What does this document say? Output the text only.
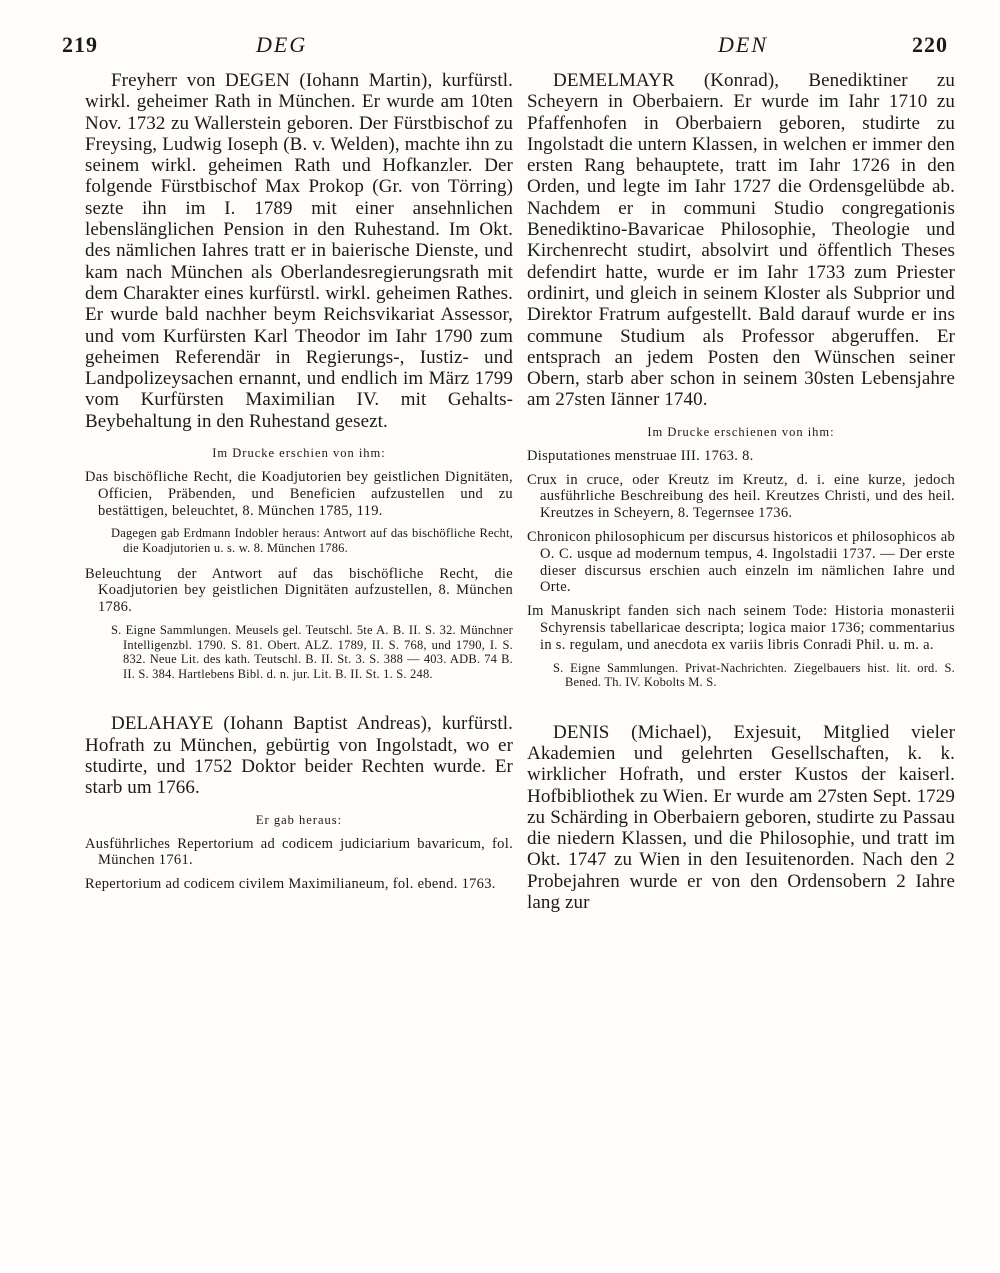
219	DEG	DEN	220

Freyherr von DEGEN (Iohann Martin), kurfürstl. wirkl. geheimer Rath in München. Er wurde am 10ten Nov. 1732 zu Wallerstein geboren. Der Fürstbischof zu Freysing, Ludwig Ioseph (B. v. Welden), machte ihn zu seinem wirkl. geheimen Rath und Hofkanzler. Der folgende Fürstbischof Max Prokop (Gr. von Törring) sezte ihn im I. 1789 mit einer ansehnlichen lebenslänglichen Pension in den Ruhestand. Im Okt. des nämlichen Iahres tratt er in baierische Dienste, und kam nach München als Oberlandesregierungsrath mit dem Charakter eines kurfürstl. wirkl. geheimen Rathes. Er wurde bald nachher beym Reichsvikariat Assessor, und vom Kurfürsten Karl Theodor im Iahr 1790 zum geheimen Referendär in Regierungs-, Iustiz- und Landpolizeysachen ernannt, und endlich im März 1799 vom Kurfürsten Maximilian IV. mit Gehalts-Beybehaltung in den Ruhestand gesezt.

Im Drucke erschien von ihm:

Das bischöfliche Recht, die Koadjutorien bey geistlichen Dignitäten, Officien, Präbenden, und Beneficien aufzustellen und zu bestättigen, beleuchtet, 8. München 1785, 119.

Dagegen gab Erdmann Indobler heraus: Antwort auf das bischöfliche Recht, die Koadjutorien u. s. w. 8. München 1786.

Beleuchtung der Antwort auf das bischöfliche Recht, die Koadjutorien bey geistlichen Dignitäten aufzustellen, 8. München 1786.

S. Eigne Sammlungen. Meusels gel. Teutschl. 5te A. B. II. S. 32. Münchner Intelligenzbl. 1790. S. 81. Obert. ALZ. 1789, II. S. 768, und 1790, I. S. 832. Neue Lit. des kath. Teutschl. B. II. St. 3. S. 388 — 403. ADB. 74 B. II. S. 384. Hartlebens Bibl. d. n. jur. Lit. B. II. St. 1. S. 248.

DELAHAYE (Iohann Baptist Andreas), kurfürstl. Hofrath zu München, gebürtig von Ingolstadt, wo er studirte, und 1752 Doktor beider Rechten wurde. Er starb um 1766.

Er gab heraus:

Ausführliches Repertorium ad codicem judiciarium bavaricum, fol. München 1761.

Repertorium ad codicem civilem Maximilianeum, fol. ebend. 1763.

DEMELMAYR (Konrad), Benediktiner zu Scheyern in Oberbaiern. Er wurde im Iahr 1710 zu Pfaffenhofen in Oberbaiern geboren, studirte zu Ingolstadt die untern Klassen, in welchen er immer den ersten Rang behauptete, tratt im Iahr 1726 in den Orden, und legte im Iahr 1727 die Ordensgelübde ab. Nachdem er in communi Studio congregationis Benediktino-Bavaricae Philosophie, Theologie und Kirchenrecht studirt, absolvirt und öffentlich Theses defendirt hatte, wurde er im Iahr 1733 zum Priester ordinirt, und gleich in seinem Kloster als Subprior und Direktor Fratrum aufgestellt. Bald darauf wurde er ins commune Studium als Professor abgeruffen. Er entsprach an jedem Posten den Wünschen seiner Obern, starb aber schon in seinem 30sten Lebensjahre am 27sten Iänner 1740.

Im Drucke erschienen von ihm:

Disputationes menstruae III. 1763. 8.

Crux in cruce, oder Kreutz im Kreutz, d. i. eine kurze, jedoch ausführliche Beschreibung des heil. Kreutzes Christi, und des heil. Kreutzes in Scheyern, 8. Tegernsee 1736.

Chronicon philosophicum per discursus historicos et philosophicos ab O. C. usque ad modernum tempus, 4. Ingolstadii 1737. — Der erste dieser discursus erschien auch einzeln im nämlichen Iahre und Orte.

Im Manuskript fanden sich nach seinem Tode: Historia monasterii Schyrensis tabellaricae descripta; logica maior 1736; commentarius in s. regulam, und anecdota ex variis libris Conradi Phil. u. m. a.

S. Eigne Sammlungen. Privat-Nachrichten. Ziegelbauers hist. lit. ord. S. Bened. Th. IV. Kobolts M. S.

DENIS (Michael), Exjesuit, Mitglied vieler Akademien und gelehrten Gesellschaften, k. k. wirklicher Hofrath, und erster Kustos der kaiserl. Hofbibliothek zu Wien. Er wurde am 27sten Sept. 1729 zu Schärding in Oberbaiern geboren, studirte zu Passau die niedern Klassen, und die Philosophie, und tratt im Okt. 1747 zu Wien in den Iesuitenorden. Nach den 2 Probejahren wurde er von den Ordensobern 2 Iahre lang zur
